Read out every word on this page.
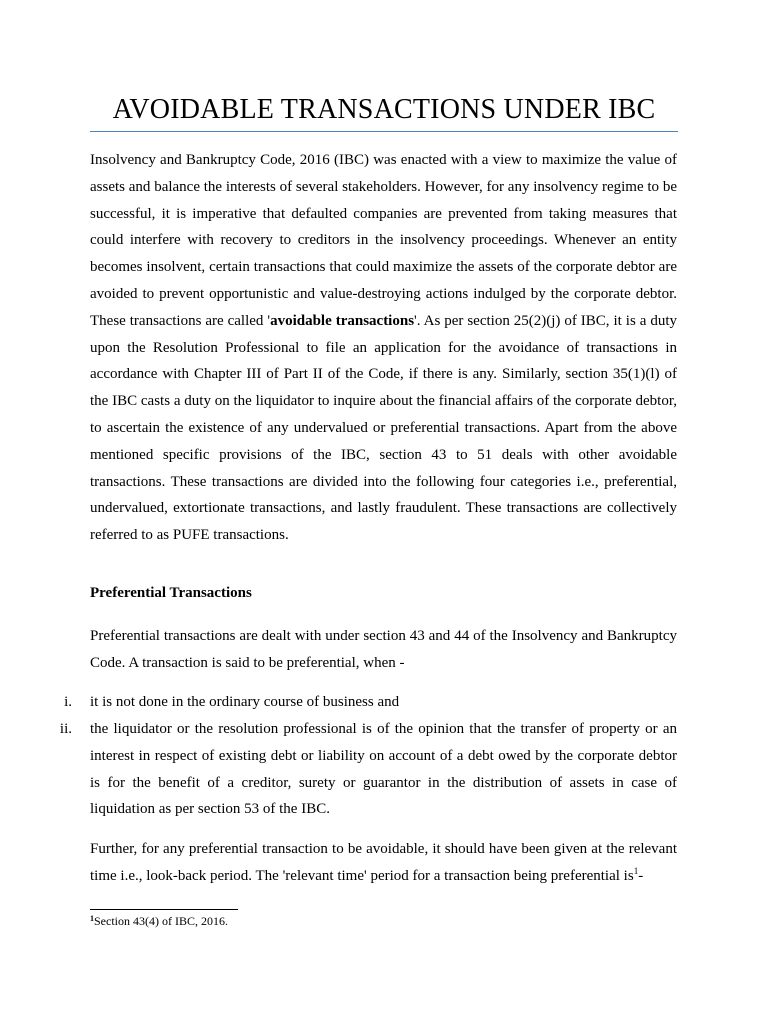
AVOIDABLE TRANSACTIONS UNDER IBC

Insolvency and Bankruptcy Code, 2016 (IBC) was enacted with a view to maximize the value of assets and balance the interests of several stakeholders. However, for any insolvency regime to be successful, it is imperative that defaulted companies are prevented from taking measures that could interfere with recovery to creditors in the insolvency proceedings. Whenever an entity becomes insolvent, certain transactions that could maximize the assets of the corporate debtor are avoided to prevent opportunistic and value-destroying actions indulged by the corporate debtor. These transactions are called 'avoidable transactions'. As per section 25(2)(j) of IBC, it is a duty upon the Resolution Professional to file an application for the avoidance of transactions in accordance with Chapter III of Part II of the Code, if there is any. Similarly, section 35(1)(l) of the IBC casts a duty on the liquidator to inquire about the financial affairs of the corporate debtor, to ascertain the existence of any undervalued or preferential transactions. Apart from the above mentioned specific provisions of the IBC, section 43 to 51 deals with other avoidable transactions. These transactions are divided into the following four categories i.e., preferential, undervalued, extortionate transactions, and lastly fraudulent. These transactions are collectively referred to as PUFE transactions.

Preferential Transactions

Preferential transactions are dealt with under section 43 and 44 of the Insolvency and Bankruptcy Code. A transaction is said to be preferential, when -

i. it is not done in the ordinary course of business and
ii. the liquidator or the resolution professional is of the opinion that the transfer of property or an interest in respect of existing debt or liability on account of a debt owed by the corporate debtor is for the benefit of a creditor, surety or guarantor in the distribution of assets in case of liquidation as per section 53 of the IBC.

Further, for any preferential transaction to be avoidable, it should have been given at the relevant time i.e., look-back period. The 'relevant time' period for a transaction being preferential $is^1-$

$^1$Section 43(4) of IBC, 2016.
